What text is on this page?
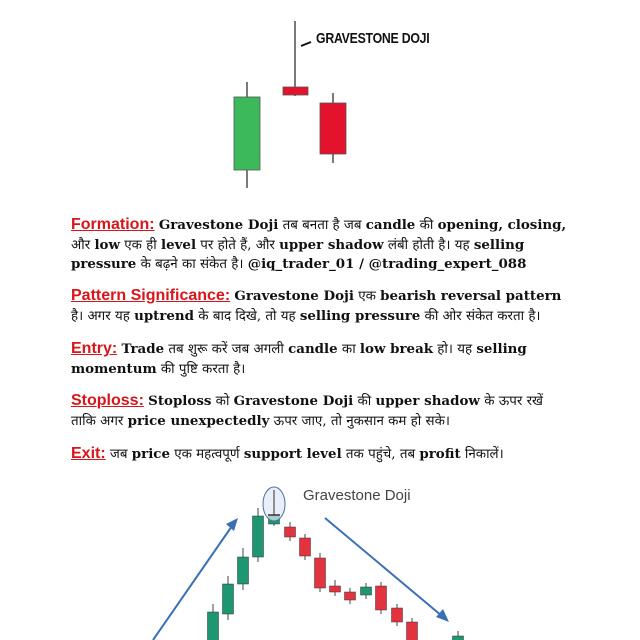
GRAVESTONE DOJI
Formation: Gravestone Doji तब बनता है जब candle की opening, closing, और low एक ही level पर होते हैं, और upper shadow लंबी होती है। यह selling pressure के बढ़ने का संकेत है। @iq_trader_01 / @trading_expert_088
Pattern Significance: Gravestone Doji एक bearish reversal pattern है। अगर यह uptrend के बाद दिखे, तो यह selling pressure की ओर संकेत करता है।
Entry: Trade तब शुरू करें जब अगली candle का low break हो। यह selling momentum की पुष्टि करता है।
Stoploss: Stoploss को Gravestone Doji की upper shadow के ऊपर रखें ताकि अगर price unexpectedly ऊपर जाए, तो नुकसान कम हो सके।
Exit: जब price एक महत्वपूर्ण support level तक पहुंचे, तब profit निकालें।
Gravestone Doji
